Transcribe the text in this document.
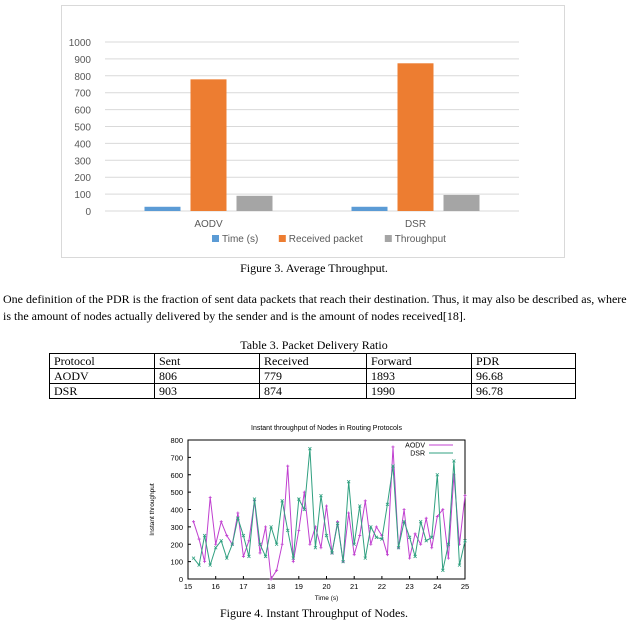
0
100
200
300
400
500
600
700
800
900
1000
AODV	DSR
Time (s)	Received packet	Throughput
Figure 3. Average Throughput.
One definition of the PDR is the fraction of sent data packets that reach their destination. Thus, it may also be described as, where is the amount of nodes actually delivered by the sender and is the amount of nodes received[18].
Table 3. Packet Delivery Ratio
Protocol	Sent	Received	Forward	PDR
AODV	806	779	1893	96.68
DSR	903	874	1990	96.78
Instant throughput of Nodes in Routing Protocols
0
100
200
300
400
500
600
700
800
15	16	17	18	19	20	21	22	23	24	25
Time (s)
Instant throughput
AODV
DSR
Figure 4. Instant Throughput of Nodes.
